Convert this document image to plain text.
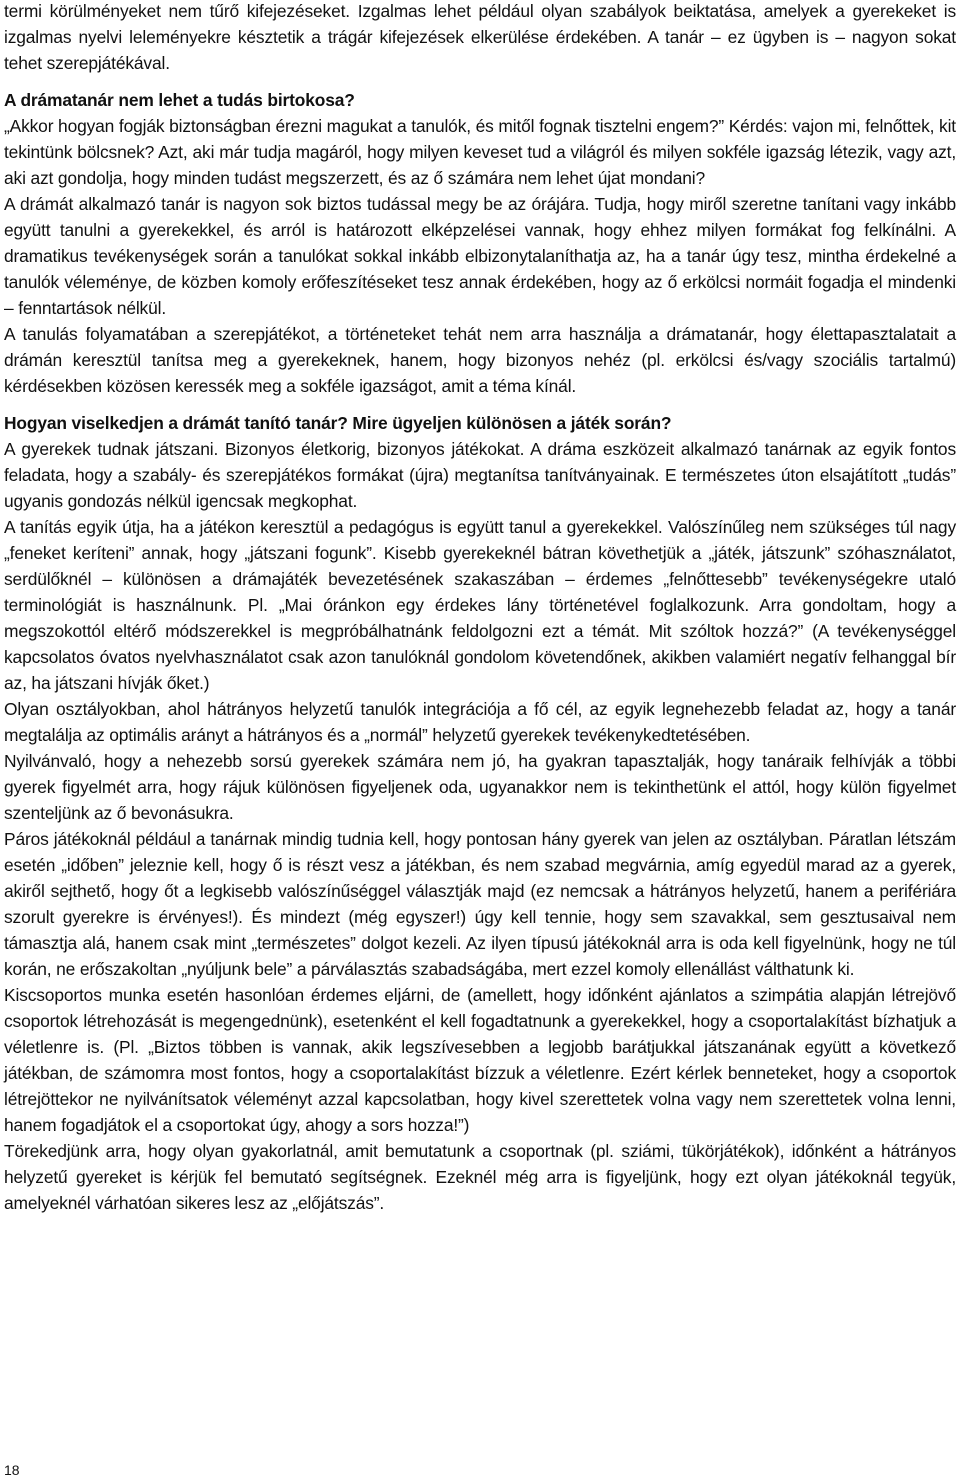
termi körülményeket nem tűrő kifejezéseket. Izgalmas lehet például olyan szabályok beiktatása, amelyek a gyerekeket is izgalmas nyelvi leleményekre késztetik a trágár kifejezések elkerülése érdekében. A tanár – ez ügyben is – nagyon sokat tehet szerepjátékával.

A drámatanár nem lehet a tudás birtokosa?

„Akkor hogyan fogják biztonságban érezni magukat a tanulók, és mitől fognak tisztelni engem?” Kérdés: vajon mi, felnőttek, kit tekintünk bölcsnek? Azt, aki már tudja magáról, hogy milyen keveset tud a világról és milyen sokféle igazság létezik, vagy azt, aki azt gondolja, hogy minden tudást megszerzett, és az ő számára nem lehet újat mondani?

A drámát alkalmazó tanár is nagyon sok biztos tudással megy be az órájára. Tudja, hogy miről szeretne tanítani vagy inkább együtt tanulni a gyerekekkel, és arról is határozott elképzelései vannak, hogy ehhez milyen formákat fog felkínálni. A dramatikus tevékenységek során a tanulókat sokkal inkább elbizonytalaníthatja az, ha a tanár úgy tesz, mintha érdekelné a tanulók véleménye, de közben komoly erőfeszítéseket tesz annak érdekében, hogy az ő erkölcsi normáit fogadja el mindenki – fenntartások nélkül.

A tanulás folyamatában a szerepjátékot, a történeteket tehát nem arra használja a drámatanár, hogy élettapasztalatait a drámán keresztül tanítsa meg a gyerekeknek, hanem, hogy bizonyos nehéz (pl. erkölcsi és/vagy szociális tartalmú) kérdésekben közösen keressék meg a sokféle igazságot, amit a téma kínál.

Hogyan viselkedjen a drámát tanító tanár? Mire ügyeljen különösen a játék során?

A gyerekek tudnak játszani. Bizonyos életkorig, bizonyos játékokat. A dráma eszközeit alkalmazó tanárnak az egyik fontos feladata, hogy a szabály- és szerepjátékos formákat (újra) megtanítsa tanítványainak. E természetes úton elsajátított „tudás” ugyanis gondozás nélkül igencsak megkophat.

A tanítás egyik útja, ha a játékon keresztül a pedagógus is együtt tanul a gyerekekkel. Valószínűleg nem szükséges túl nagy „feneket keríteni” annak, hogy „játszani fogunk”. Kisebb gyerekeknél bátran követhetjük a „játék, játszunk” szóhasználatot, serdülőknél – különösen a drámajáték bevezetésének szakaszában – érdemes „felnőttesebb” tevékenységekre utaló terminológiát is használnunk. Pl. „Mai óránkon egy érdekes lány történetével foglalkozunk. Arra gondoltam, hogy a megszokottól eltérő módszerekkel is megpróbálhatnánk feldolgozni ezt a témát. Mit szóltok hozzá?” (A tevékenységgel kapcsolatos óvatos nyelvhasználatot csak azon tanulóknál gondolom követendőnek, akikben valamiért negatív felhanggal bír az, ha játszani hívják őket.)

Olyan osztályokban, ahol hátrányos helyzetű tanulók integrációja a fő cél, az egyik legnehezebb feladat az, hogy a tanár megtalálja az optimális arányt a hátrányos és a „normál” helyzetű gyerekek tevékenykedtetésében.

Nyilvánvaló, hogy a nehezebb sorsú gyerekek számára nem jó, ha gyakran tapasztalják, hogy tanáraik felhívják a többi gyerek figyelmét arra, hogy rájuk különösen figyeljenek oda, ugyanakkor nem is tekinthetünk el attól, hogy külön figyelmet szenteljünk az ő bevonásukra.

Páros játékoknál például a tanárnak mindig tudnia kell, hogy pontosan hány gyerek van jelen az osztályban. Páratlan létszám esetén „időben” jeleznie kell, hogy ő is részt vesz a játékban, és nem szabad megvárnia, amíg egyedül marad az a gyerek, akiről sejthető, hogy őt a legkisebb valószínűséggel választják majd (ez nemcsak a hátrányos helyzetű, hanem a perifériára szorult gyerekre is érvényes!). És mindezt (még egyszer!) úgy kell tennie, hogy sem szavakkal, sem gesztusaival nem támasztja alá, hanem csak mint „természetes” dolgot kezeli. Az ilyen típusú játékoknál arra is oda kell figyelnünk, hogy ne túl korán, ne erőszakoltan „nyúljunk bele” a párválasztás szabadságába, mert ezzel komoly ellenállást válthatunk ki.

Kiscsoportos munka esetén hasonlóan érdemes eljárni, de (amellett, hogy időnként ajánlatos a szimpátia alapján létrejövő csoportok létrehozását is megengednünk), esetenként el kell fogadtatnunk a gyerekekkel, hogy a csoportalakítást bízhatjuk a véletlenre is. (Pl. „Biztos többen is vannak, akik legszívesebben a legjobb barátjukkal játszanának együtt a következő játékban, de számomra most fontos, hogy a csoportalakítást bízzuk a véletlenre. Ezért kérlek benneteket, hogy a csoportok létrejöttekor ne nyilvánítsatok véleményt azzal kapcsolatban, hogy kivel szerettetek volna vagy nem szerettetek volna lenni, hanem fogadjátok el a csoportokat úgy, ahogy a sors hozza!”)

Törekedjünk arra, hogy olyan gyakorlatnál, amit bemutatunk a csoportnak (pl. sziámi, tükörjátékok), időnként a hátrányos helyzetű gyereket is kérjük fel bemutató segítségnek. Ezeknél még arra is figyeljünk, hogy ezt olyan játékoknál tegyük, amelyeknél várhatóan sikeres lesz az „előjátszás”.

18
